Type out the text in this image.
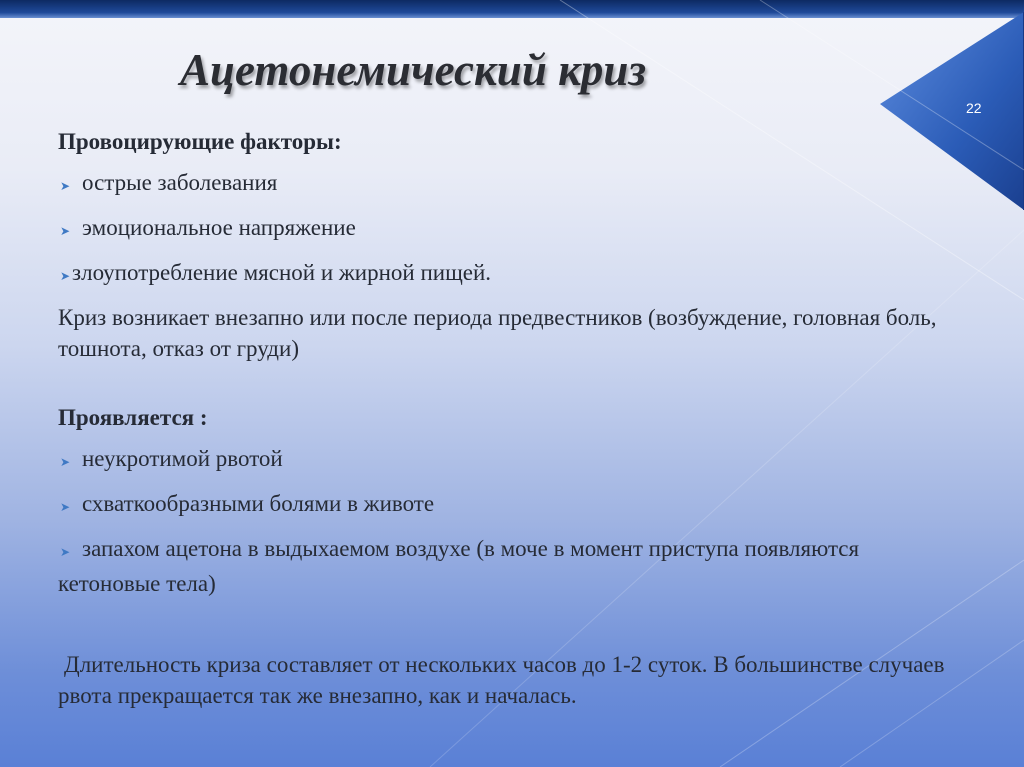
Ацетонемический криз
22

Провоцирующие факторы:

➤ острые заболевания
➤ эмоциональное напряжение
➤ злоупотребление мясной и жирной пищей.

Криз возникает внезапно или после периода предвестников (возбуждение, головная боль, тошнота, отказ от груди)

Проявляется :

➤ неукротимой рвотой
➤ схваткообразными болями в животе
➤ запахом ацетона в выдыхаемом воздухе (в моче в момент приступа появляются кетоновые тела)

Длительность криза составляет от нескольких часов до 1-2 суток. В большинстве случаев рвота прекращается так же внезапно, как и началась.
